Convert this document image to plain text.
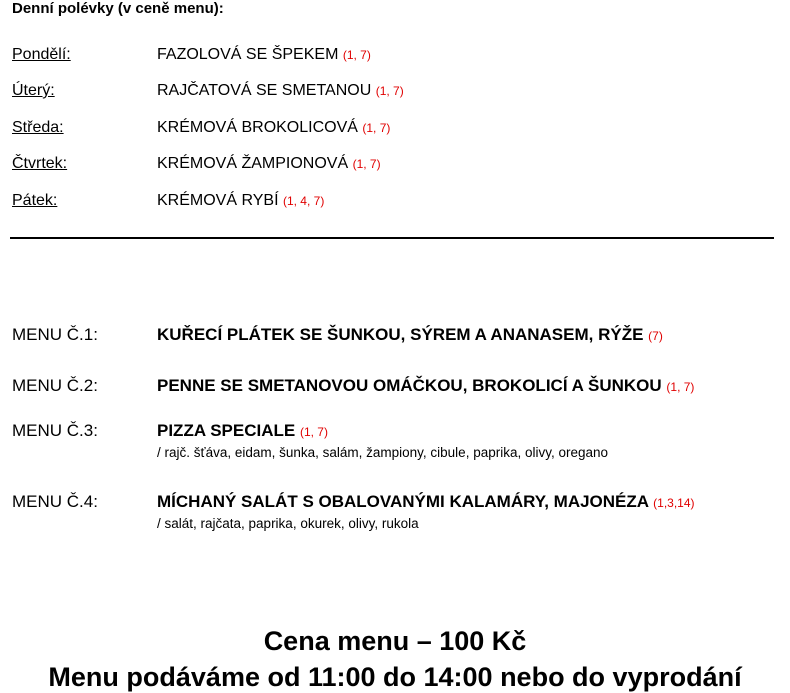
Denní polévky (v ceně menu):
Pondělí:	FAZOLOVÁ SE ŠPEKEM (1, 7)
Úterý:	RAJČATOVÁ SE SMETANOU (1, 7)
Středa:	KRÉMOVÁ BROKOLICOVÁ (1, 7)
Čtvrtek:	KRÉMOVÁ ŽAMPIONOVÁ (1, 7)
Pátek:	KRÉMOVÁ RYBÍ (1, 4, 7)
MENU Č.1:	KUŘECÍ PLÁTEK SE ŠUNKOU, SÝREM A ANANASEM, RÝŽE (7)
MENU Č.2:	PENNE SE SMETANOVOU OMÁČKOU, BROKOLICÍ A ŠUNKOU (1, 7)
MENU Č.3:	PIZZA SPECIALE (1, 7)
/ rajč. šťáva, eidam, šunka, salám, žampiony, cibule, paprika, olivy, oregano
MENU Č.4:	MÍCHANÝ SALÁT S OBALOVANÝMI KALAMÁRY, MAJONÉZA (1,3,14)
/ salát, rajčata, paprika, okurek, olivy, rukola
Cena menu – 100 Kč
Menu podáváme od 11:00 do 14:00 nebo do vyprodání
